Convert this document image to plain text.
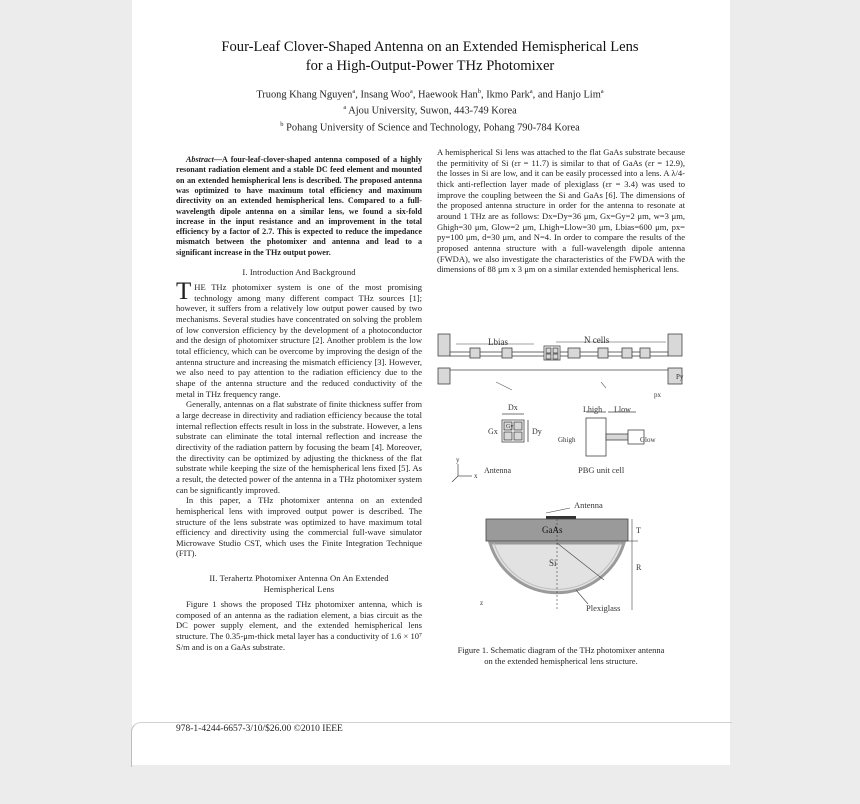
Four-Leaf Clover-Shaped Antenna on an Extended Hemispherical Lens
for a High-Output-Power THz Photomixer
Truong Khang Nguyen$^a$, Insang Woo$^a$, Haewook Han$^b$, Ikmo Park$^a$, and Hanjo Lim$^a$
$^a$ Ajou University, Suwon, 443-749 Korea
$^b$ Pohang University of Science and Technology, Pohang 790-784 Korea

Abstract—A four-leaf-clover-shaped antenna composed of a highly resonant radiation element and a stable DC feed element and mounted on an extended hemispherical lens is described. The proposed antenna was optimized to have maximum total efficiency and maximum directivity on an extended hemispherical lens. Compared to a full-wavelength dipole antenna on a similar lens, we found a six-fold increase in the input resistance and an improvement in the total efficiency by a factor of 2.7. This is expected to reduce the impedance mismatch between the photomixer and antenna and lead to a significant increase in the THz output power.

I. Introduction And Background

THE THz photomixer system is one of the most promising technology among many different compact THz sources [1]; however, it suffers from a relatively low output power caused by two mechanisms. Several studies have concentrated on solving the problem of low conversion efficiency by the development of a photoconductor and the design of photomixer structure [2]. Another problem is the low total efficiency, which can be overcome by improving the design of the antenna structure and increasing the mismatch efficiency [3]. However, we also need to pay attention to the radiation efficiency due to the shape of the antenna structure and the reduced conductivity of the metal in THz frequency range.

Generally, antennas on a flat substrate of finite thickness suffer from a large decrease in directivity and radiation efficiency because the total internal reflection effects result in loss in the substrate. However, a lens substrate can eliminate the total internal reflection and increase the directivity of the radiation pattern by focusing the beam [4]. Moreover, the directivity can be optimized by adjusting the thickness of the flat substrate while keeping the size of the hemispherical lens fixed [5]. As a result, the detected power of the antenna in a THz photomixer system can be significantly improved.

In this paper, a THz photomixer antenna on an extended hemispherical lens with improved output power is described. The structure of the lens substrate was optimized to have maximum total efficiency and directivity using the commercial full-wave simulator Microwave Studio CST, which uses the Finite Integration Technique (FIT).

II. Terahertz Photomixer Antenna On An Extended
Hemispherical Lens

Figure 1 shows the proposed THz photomixer antenna, which is composed of an antenna as the radiation element, a bias circuit as the DC power supply element, and the extended hemispherical lens structure. The 0.35-μm-thick metal layer has a conductivity of 1.6 × 10⁷ S/m and is on a GaAs substrate.

A hemispherical Si lens was attached to the flat GaAs substrate because the permitivity of Si (εr = 11.7) is similar to that of GaAs (εr = 12.9), the losses in Si are low, and it can be easily processed into a lens. A λ/4-thick anti-reflection layer made of plexiglass (εr = 3.4) was used to improve the coupling between the Si and GaAs [6]. The dimensions of the proposed antenna structure in order for the antenna to resonate at around 1 THz are as follows: Dx=Dy=36 μm, Gx=Gy=2 μm, w=3 μm, Ghigh=30 μm, Glow=2 μm, Lhigh=Llow=30 μm, Lbias=600 μm, px= py=100 μm, d=30 μm, and N=4. In order to compare the results of the proposed antenna structure with a full-wavelength dipole antenna (FWDA), we also investigate the characteristics of the FWDA with the dimensions of 88 μm x 3 μm on a similar extended hemispherical lens.

Lbias	N cells
Py
px
Dx
Dy
Gx Gy
Antenna
Lhigh Llow
Ghigh	Glow
PBG unit cell
y
x
Antenna
GaAs
Si
T
R
Plexiglass
z
Figure 1. Schematic diagram of the THz photomixer antenna
on the extended hemispherical lens structure.
978-1-4244-6657-3/10/$26.00 ©2010 IEEE
